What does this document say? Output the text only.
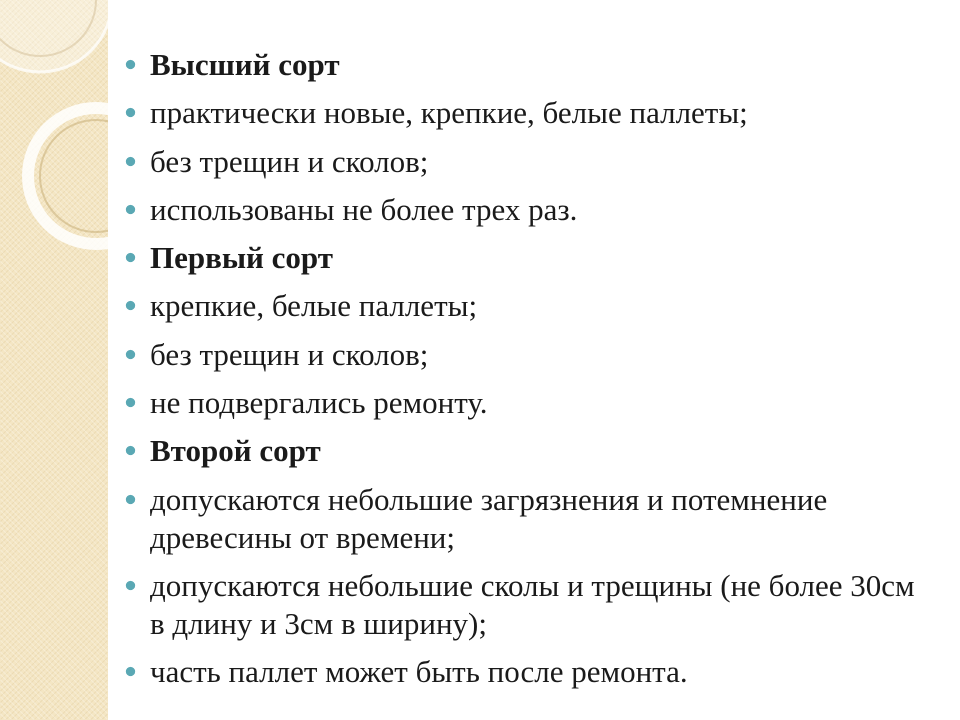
Высший сорт
практически новые, крепкие, белые паллеты;
без трещин и сколов;
использованы не более трех раз.
Первый сорт
крепкие, белые паллеты;
без трещин и сколов;
не подвергались ремонту.
Второй сорт
допускаются небольшие загрязнения и потемнение древесины от времени;
допускаются небольшие сколы и трещины (не более 30см в длину и 3см в ширину);
часть паллет может быть после ремонта.
